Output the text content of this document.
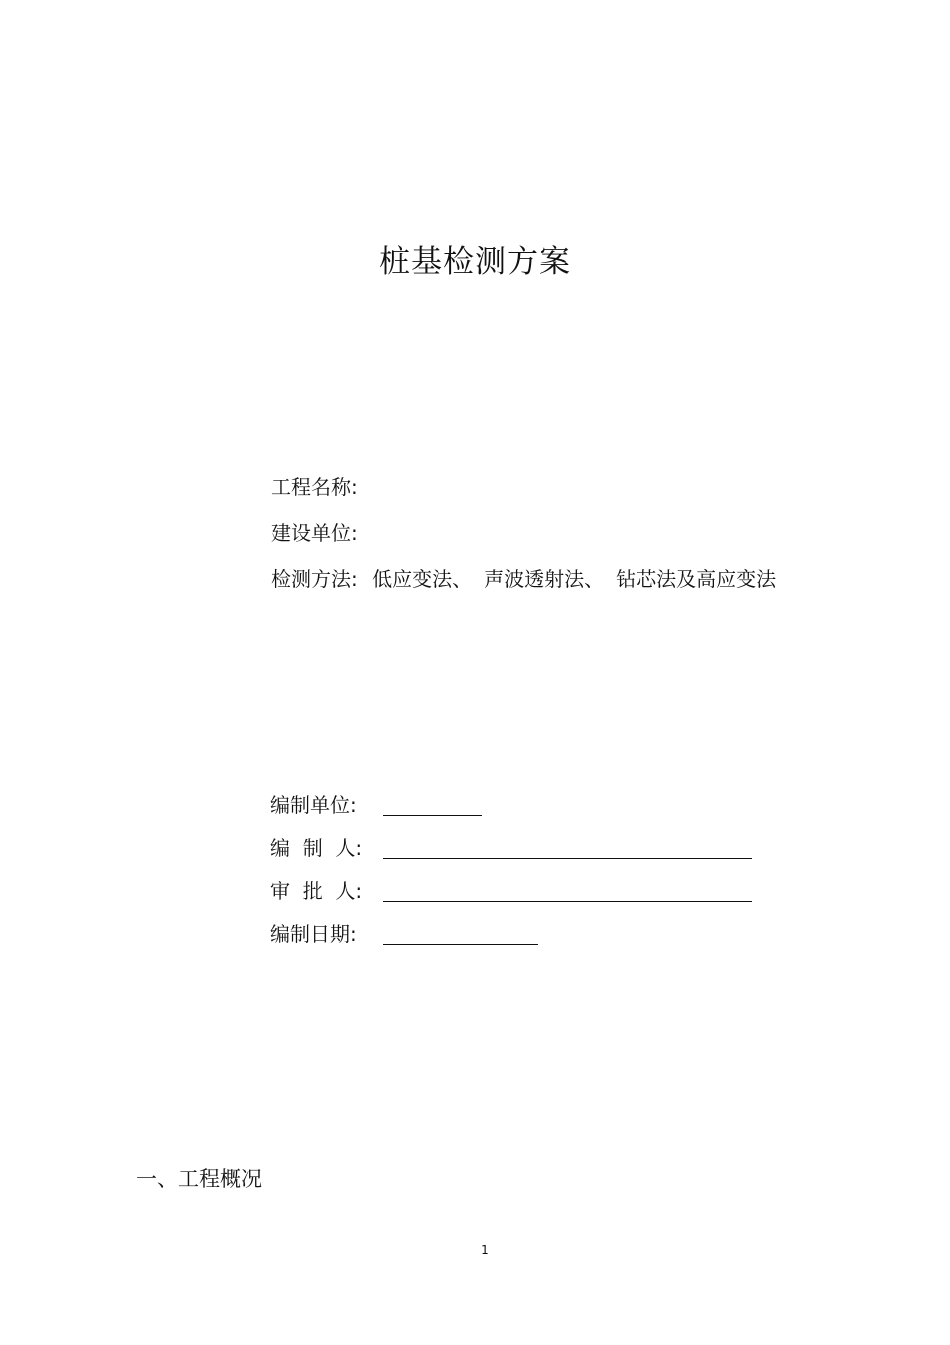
桩基检测方案
工程名称:
建设单位:
检测方法: 低应变法、 声波透射法、 钻芯法及高应变法
编制单位:
编  制  人:
审  批  人:
编制日期:
一、工程概况
1
